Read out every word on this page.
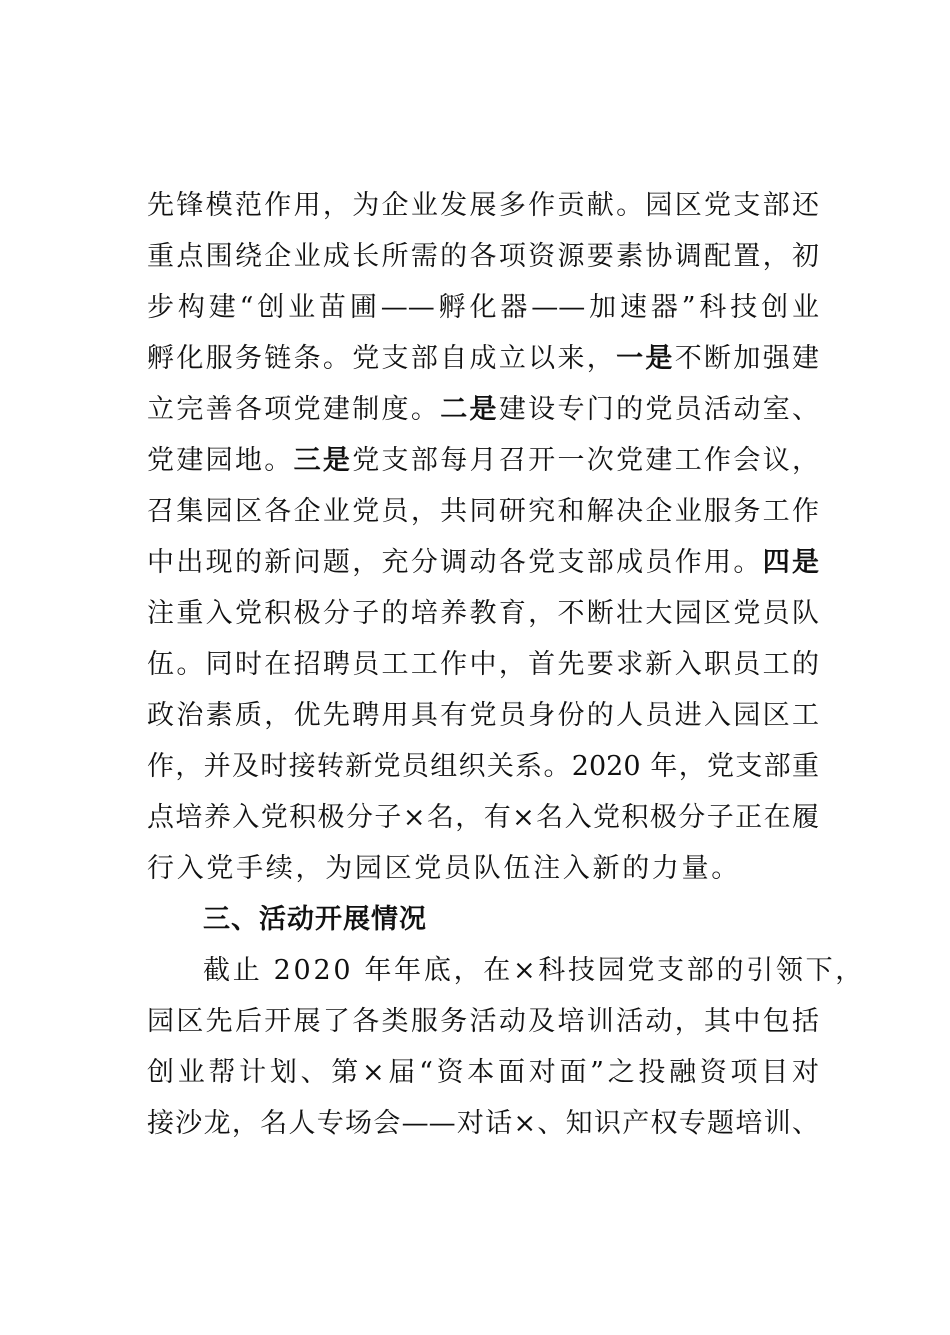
先锋模范作用，为企业发展多作贡献。园区党支部还
重点围绕企业成长所需的各项资源要素协调配置，初
步构建“创业苗圃——孵化器——加速器”科技创业
孵化服务链条。党支部自成立以来，一是不断加强建
立完善各项党建制度。二是建设专门的党员活动室、
党建园地。三是党支部每月召开一次党建工作会议，
召集园区各企业党员，共同研究和解决企业服务工作
中出现的新问题，充分调动各党支部成员作用。四是
注重入党积极分子的培养教育，不断壮大园区党员队
伍。同时在招聘员工工作中，首先要求新入职员工的
政治素质，优先聘用具有党员身份的人员进入园区工
作，并及时接转新党员组织关系。2020 年，党支部重
点培养入党积极分子×名，有×名入党积极分子正在履
行入党手续，为园区党员队伍注入新的力量。
三、活动开展情况
截止 2020 年年底，在×科技园党支部的引领下，
园区先后开展了各类服务活动及培训活动，其中包括
创业帮计划、第×届“资本面对面”之投融资项目对
接沙龙，名人专场会——对话×、知识产权专题培训、
